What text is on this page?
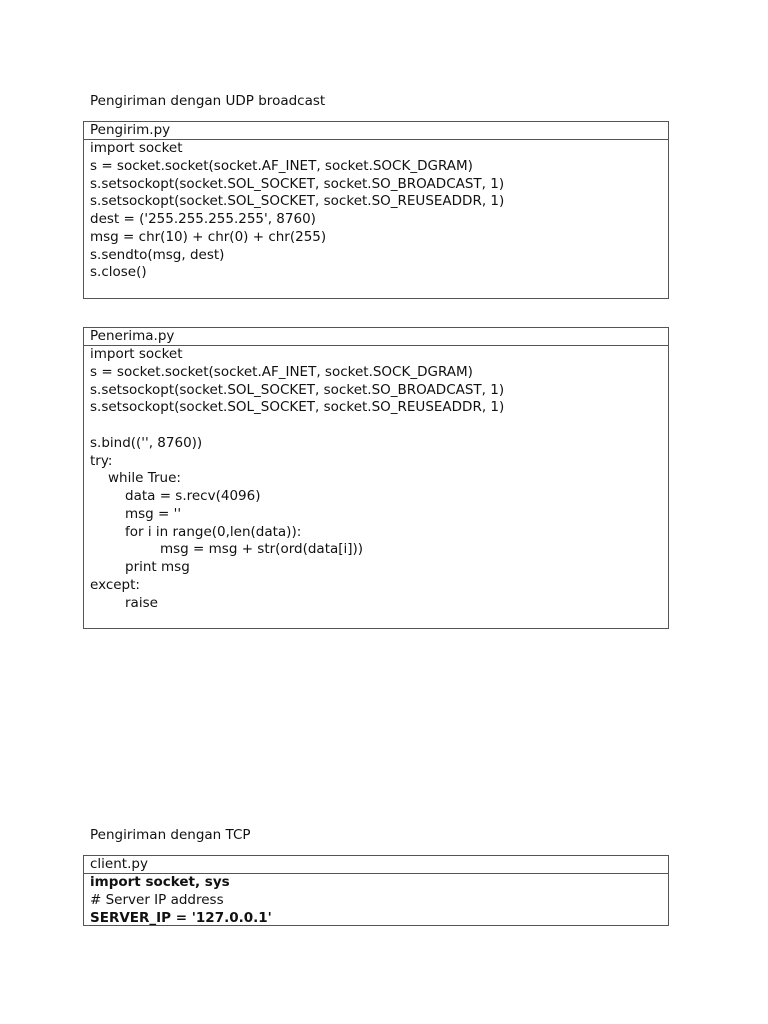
Pengiriman dengan UDP broadcast
Pengirim.py
import socket
s = socket.socket(socket.AF_INET, socket.SOCK_DGRAM)
s.setsockopt(socket.SOL_SOCKET, socket.SO_BROADCAST, 1)
s.setsockopt(socket.SOL_SOCKET, socket.SO_REUSEADDR, 1)
dest = ('255.255.255.255', 8760)
msg = chr(10) + chr(0) + chr(255)
s.sendto(msg, dest)
s.close()
Penerima.py
import socket
s = socket.socket(socket.AF_INET, socket.SOCK_DGRAM)
s.setsockopt(socket.SOL_SOCKET, socket.SO_BROADCAST, 1)
s.setsockopt(socket.SOL_SOCKET, socket.SO_REUSEADDR, 1)
s.bind(('', 8760))
try:
while True:
data = s.recv(4096)
msg = ''
for i in range(0,len(data)):
msg = msg + str(ord(data[i]))
print msg
except:
raise
Pengiriman dengan TCP
client.py
import socket, sys
# Server IP address
SERVER_IP = '127.0.0.1'
